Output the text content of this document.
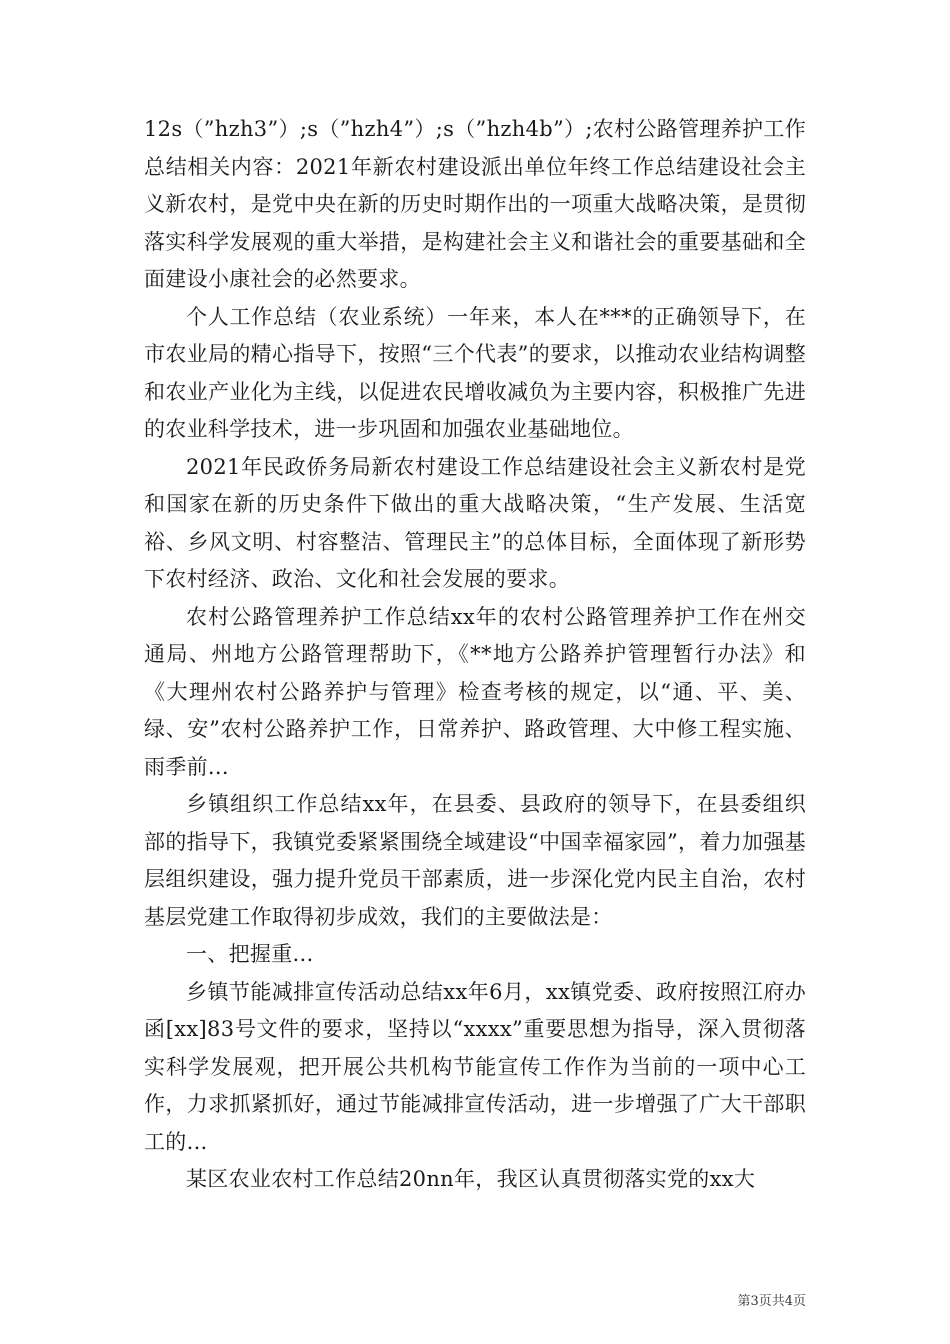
12s（”hzh3”）;s（”hzh4”）;s（”hzh4b”）;农村公路管理养护工作总结相关内容：2021年新农村建设派出单位年终工作总结建设社会主义新农村，是党中央在新的历史时期作出的一项重大战略决策，是贯彻落实科学发展观的重大举措，是构建社会主义和谐社会的重要基础和全面建设小康社会的必然要求。

个人工作总结（农业系统）一年来，本人在***的正确领导下，在市农业局的精心指导下，按照“三个代表”的要求，以推动农业结构调整和农业产业化为主线，以促进农民增收减负为主要内容，积极推广先进的农业科学技术，进一步巩固和加强农业基础地位。

2021年民政侨务局新农村建设工作总结建设社会主义新农村是党和国家在新的历史条件下做出的重大战略决策，“生产发展、生活宽裕、乡风文明、村容整洁、管理民主”的总体目标，全面体现了新形势下农村经济、政治、文化和社会发展的要求。

农村公路管理养护工作总结xx年的农村公路管理养护工作在州交通局、州地方公路管理帮助下，《**地方公路养护管理暂行办法》和《大理州农村公路养护与管理》检查考核的规定，以“通、平、美、绿、安”农村公路养护工作，日常养护、路政管理、大中修工程实施、雨季前...

乡镇组织工作总结xx年，在县委、县政府的领导下，在县委组织部的指导下，我镇党委紧紧围绕全域建设“中国幸福家园”，着力加强基层组织建设，强力提升党员干部素质，进一步深化党内民主自治，农村基层党建工作取得初步成效，我们的主要做法是：

一、把握重...

乡镇节能减排宣传活动总结xx年6月，xx镇党委、政府按照江府办函[xx]83号文件的要求，坚持以“xxxx”重要思想为指导，深入贯彻落实科学发展观，把开展公共机构节能宣传工作作为当前的一项中心工作，力求抓紧抓好，通过节能减排宣传活动，进一步增强了广大干部职工的...

某区农业农村工作总结20nn年，我区认真贯彻落实党的xx大

第3页共4页
